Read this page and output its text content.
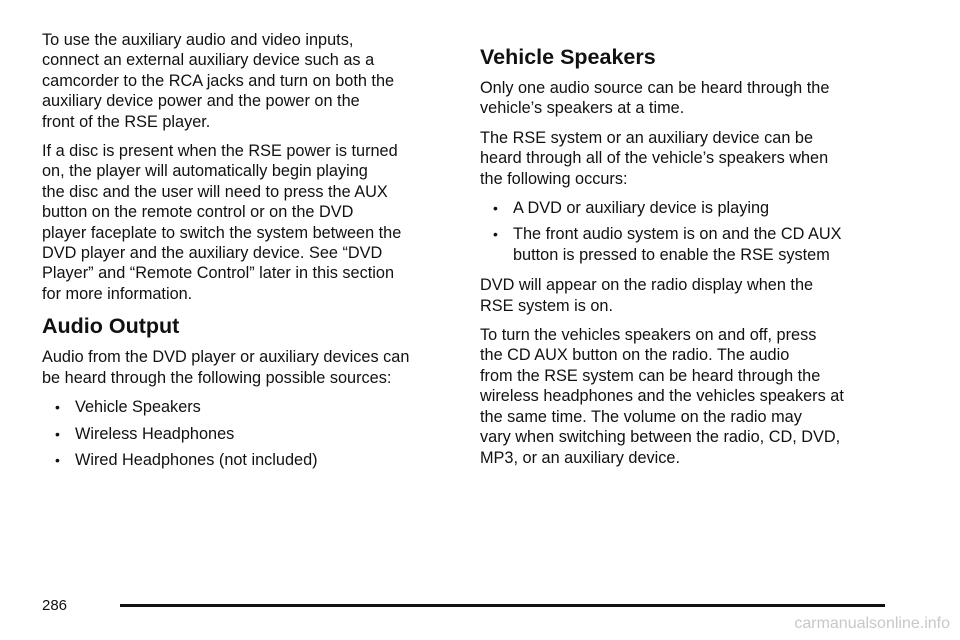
To use the auxiliary audio and video inputs,
connect an external auxiliary device such as a
camcorder to the RCA jacks and turn on both the
auxiliary device power and the power on the
front of the RSE player.

If a disc is present when the RSE power is turned
on, the player will automatically begin playing
the disc and the user will need to press the AUX
button on the remote control or on the DVD
player faceplate to switch the system between the
DVD player and the auxiliary device. See “DVD
Player” and “Remote Control” later in this section
for more information.

Audio Output

Audio from the DVD player or auxiliary devices can
be heard through the following possible sources:

• Vehicle Speakers
• Wireless Headphones
• Wired Headphones (not included)
Vehicle Speakers

Only one audio source can be heard through the
vehicle’s speakers at a time.

The RSE system or an auxiliary device can be
heard through all of the vehicle’s speakers when
the following occurs:

• A DVD or auxiliary device is playing
• The front audio system is on and the CD AUX
button is pressed to enable the RSE system

DVD will appear on the radio display when the
RSE system is on.

To turn the vehicles speakers on and off, press
the CD AUX button on the radio. The audio
from the RSE system can be heard through the
wireless headphones and the vehicles speakers at
the same time. The volume on the radio may
vary when switching between the radio, CD, DVD,
MP3, or an auxiliary device.

286
carmanualsonline.info
